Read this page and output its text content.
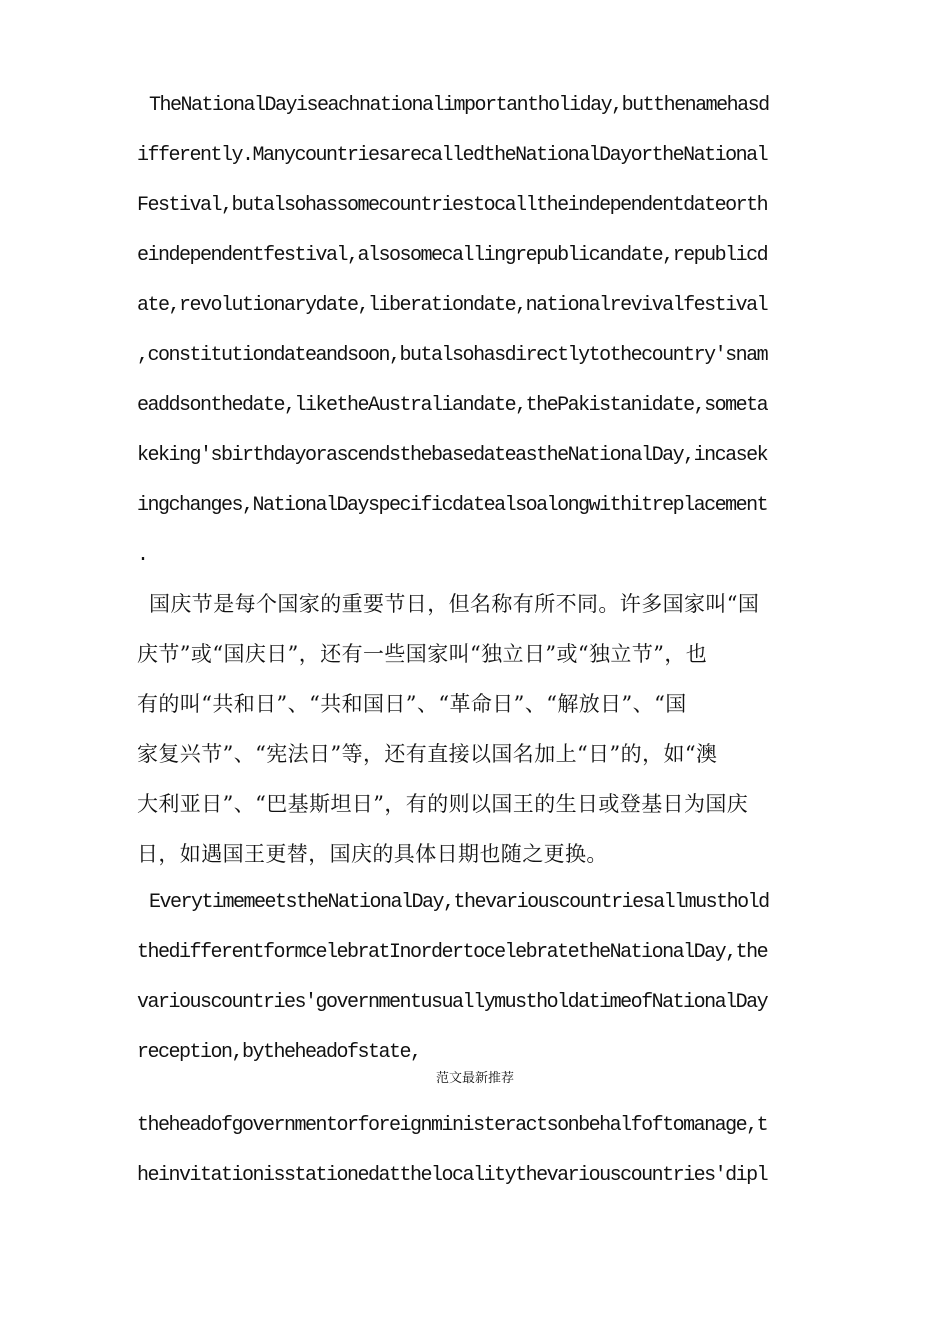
TheNationalDayiseachnationalimportantholiday,butthenamehasd

ifferently.ManycountriesarecalledtheNationalDayortheNational

Festival,butalsohassomecountriestocalltheindependentdateorth

eindependentfestival,alsosomecallingrepublicandate,republicd

ate,revolutionarydate,liberationdate,nationalrevivalfestival

,constitutiondateandsoon,butalsohasdirectlytothecountry'snam

eaddsonthedate,liketheAustraliandate,thePakistanidate,someta

keking'sbirthdayorascendsthebasedateastheNationalDay,incasek

ingchanges,NationalDayspecificdatealsoalongwithitreplacement

.

国庆节是每个国家的重要节日，但名称有所不同。许多国家叫“国

庆节”或“国庆日”，还有一些国家叫“独立日”或“独立节”，也

有的叫“共和日”、“共和国日”、“革命日”、“解放日”、“国

家复兴节”、“宪法日”等，还有直接以国名加上“日”的，如“澳

大利亚日”、“巴基斯坦日”，有的则以国王的生日或登基日为国庆

日，如遇国王更替，国庆的具体日期也随之更换。

EverytimemeetstheNationalDay,thevariouscountriesallmusthold

thedifferentformcelebratInordertocelebratetheNationalDay,the

variouscountries'governmentusuallymustholdatimeofNationalDay

reception,bytheheadofstate,

范文最新推荐

theheadofgovernmentorforeignministeractsonbehalfoftomanage,t

heinvitationisstationedatthelocalitythevariouscountries'dipl
